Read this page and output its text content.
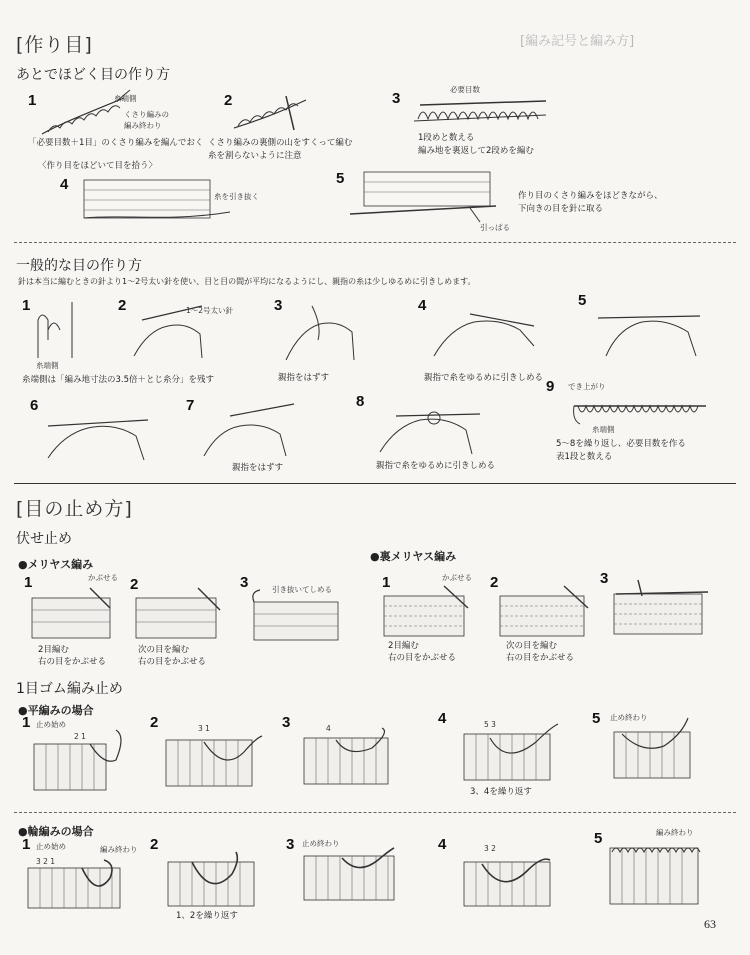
[編み記号と編み方]
[作り目]
あとでほどく目の作り方
1	糸端側
くさり編みの
編み終わり
「必要目数＋1目」のくさり編みを編んでおく
2
くさり編みの裏側の山をすくって編む
糸を割らないように注意
3
必要目数
1段めと数える
編み地を裏返して2段めを編む
〈作り目をほどいて目を拾う〉
4
糸を引き抜く
5
引っぱる
作り目のくさり編みをほどきながら、
下向きの目を針に取る
一般的な目の作り方
針は本当に編むときの針より1〜2号太い針を使い、目と目の間が平均になるようにし、親指の糸は少しゆるめに引きしめます。
1
糸端側
糸端側は「編み地寸法の3.5倍＋とじ糸分」を残す
2	1〜2号太い針	3
親指をはずす
4
親指で糸をゆるめに引きしめる
5
6	7
親指をはずす
8
親指で糸をゆるめに引きしめる
9 でき上がり
糸端側
5〜8を繰り返し、必要目数を作る
表1段と数える
[目の止め方]
伏せ止め
●メリヤス編み
●裏メリヤス編み
1	かぶせる
2目編む
右の目をかぶせる
2
次の目を編む
右の目をかぶせる
3	引き抜いてしめる	1	かぶせる
2目編む
右の目をかぶせる
2
次の目を編む
右の目をかぶせる
3
1目ゴム編み止め
●平編みの場合
1 止め始め
2 1
2	3 1	3	4
4	5 3
3、4を繰り返す
5 止め終わり
●輪編みの場合
1 止め始め	編み終わり
3 2 1
2
1、2を繰り返す
3 止め終わり	4	3 2
5	編み終わり
63
